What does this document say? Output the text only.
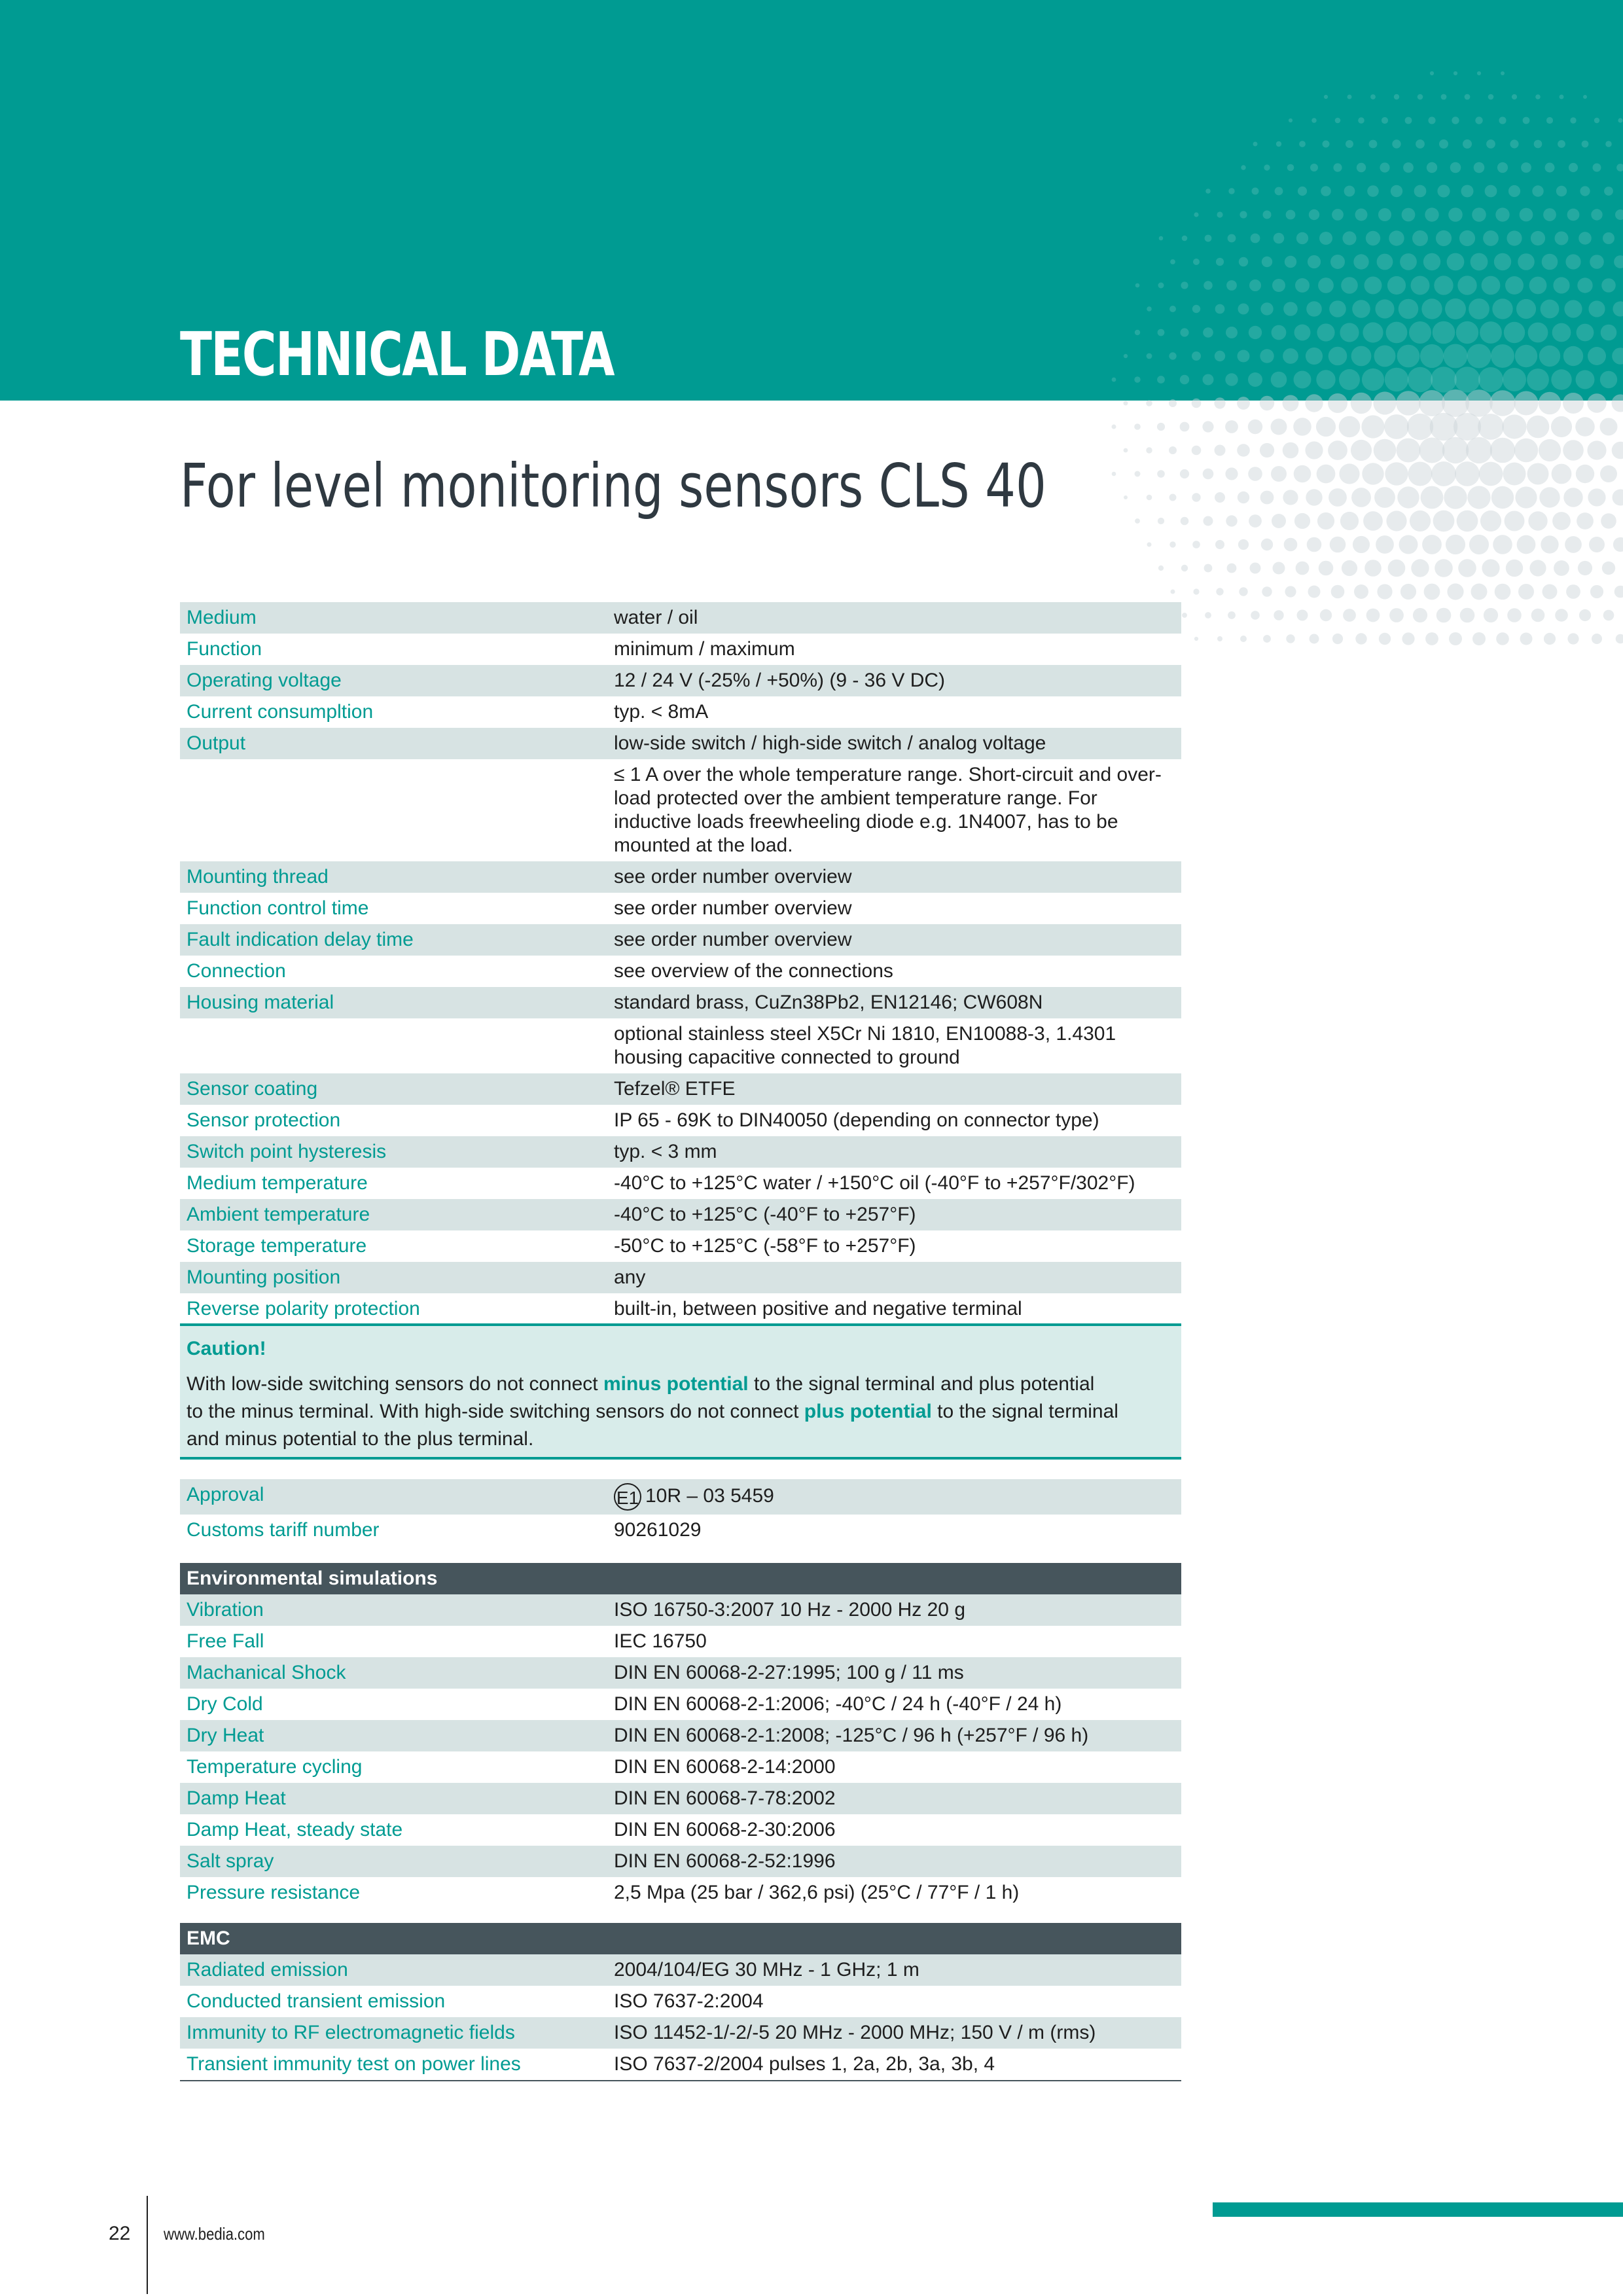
TECHNICAL DATA
For level monitoring sensors CLS 40
Medium	water / oil
Function	minimum / maximum
Operating voltage	12 / 24 V (-25% / +50%) (9 - 36 V DC)
Current consumpltion	typ. < 8mA
Output	low-side switch / high-side switch / analog voltage
≤ 1 A over the whole temperature range. Short-circuit and over-load protected over the ambient temperature range. For inductive loads freewheeling diode e.g. 1N4007, has to be mounted at the load.
Mounting thread	see order number overview
Function control time	see order number overview
Fault indication delay time	see order number overview
Connection	see overview of the connections
Housing material	standard brass, CuZn38Pb2, EN12146; CW608N
optional stainless steel X5Cr Ni 1810, EN10088-3, 1.4301 housing capacitive connected to ground
Sensor coating	Tefzel® ETFE
Sensor protection	IP 65 - 69K to DIN40050 (depending on connector type)
Switch point hysteresis	typ. < 3 mm
Medium temperature	-40°C to +125°C water / +150°C oil (-40°F to +257°F/302°F)
Ambient temperature	-40°C to +125°C (-40°F to +257°F)
Storage temperature	-50°C to +125°C (-58°F to +257°F)
Mounting position	any
Reverse polarity protection	built-in, between positive and negative terminal
Caution!
With low-side switching sensors do not connect minus potential to the signal terminal and plus potential
to the minus terminal. With high-side switching sensors do not connect plus potential to the signal terminal
and minus potential to the plus terminal.
Approval	E1 10R – 03 5459
Customs tariff number	90261029
Environmental simulations
Vibration	ISO 16750-3:2007 10 Hz - 2000 Hz 20 g
Free Fall	IEC 16750
Machanical Shock	DIN EN 60068-2-27:1995; 100 g / 11 ms
Dry Cold	DIN EN 60068-2-1:2006; -40°C / 24 h (-40°F / 24 h)
Dry Heat	DIN EN 60068-2-1:2008; -125°C / 96 h (+257°F / 96 h)
Temperature cycling	DIN EN 60068-2-14:2000
Damp Heat	DIN EN 60068-7-78:2002
Damp Heat, steady state	DIN EN 60068-2-30:2006
Salt spray	DIN EN 60068-2-52:1996
Pressure resistance	2,5 Mpa (25 bar / 362,6 psi) (25°C / 77°F / 1 h)
EMC
Radiated emission	2004/104/EG 30 MHz - 1 GHz; 1 m
Conducted transient emission	ISO 7637-2:2004
Immunity to RF electromagnetic fields	ISO 11452-1/-2/-5 20 MHz - 2000 MHz; 150 V / m (rms)
Transient immunity test on power lines	ISO 7637-2/2004 pulses 1, 2a, 2b, 3a, 3b, 4
22 www.bedia.com
